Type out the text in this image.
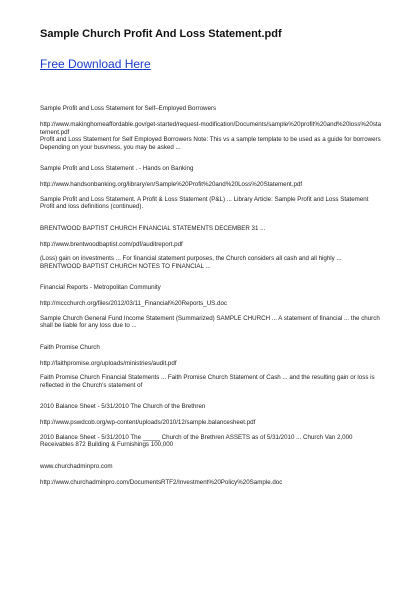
Sample Church Profit And Loss Statement.pdf
Free Download Here
Sample Profit and Loss Statement for Self–Employed Borrowers
http://www.makinghomeaffordable.gov/get-started/request-modification/Documents/sample%20profit%20and%20loss%20statement.pdf
Profit and Loss Statement for Self Employed Borrowers Note: This vs a sample template to be used as a guide for borrowers Depending on your busvness, you may be asked ...
Sample Profit and Loss Statement . - Hands on Banking
http://www.handsonbanking.org/library/en/Sample%20Profit%20and%20Loss%20Statement.pdf
Sample Profit and Loss Statement. A Profit & Loss Statement (P&L) ... Library Article: Sample Profit and Loss Statement Profit and loss definitions (continued).
BRENTWOOD BAPTIST CHURCH FINANCIAL STATEMENTS DECEMBER 31 ...
http://www.brentwoodbaptist.com/pdf/auditreport.pdf
(Loss) gain on investments ... For financial statement purposes, the Church considers all cash and all highly ... BRENTWOOD BAPTIST CHURCH NOTES TO FINANCIAL ...
Financial Reports - Metropolitan Community
http://mccchurch.org/files/2012/03/11_Financial%20Reports_US.doc
Sample Church General Fund Income Statement (Summarized) SAMPLE CHURCH ... A statement of financial ... the church shall be liable for any loss due to ...
Faith Promise Church
http://faithpromise.org/uploads/ministries/audit.pdf
Faith Promise Church Financial Statements ... Faith Promise Church Statement of Cash ... and the resulting gain or loss is reflected in the Church's statement of
2010 Balance Sheet - 5/31/2010 The Church of the Brethren
http://www.pswdcob.org/wp-content/uploads/2010/12/sample.balancesheet.pdf
2010 Balance Sheet - 5/31/2010 The _____ Church of the Brethren ASSETS as of 5/31/2010 ... Church Van 2,000 Receivables 872 Building & Furnishings 100,000
www.churchadminpro.com
http://www.churchadminpro.com/DocumentsRTF2/Investment%20Policy%20Sample.doc
